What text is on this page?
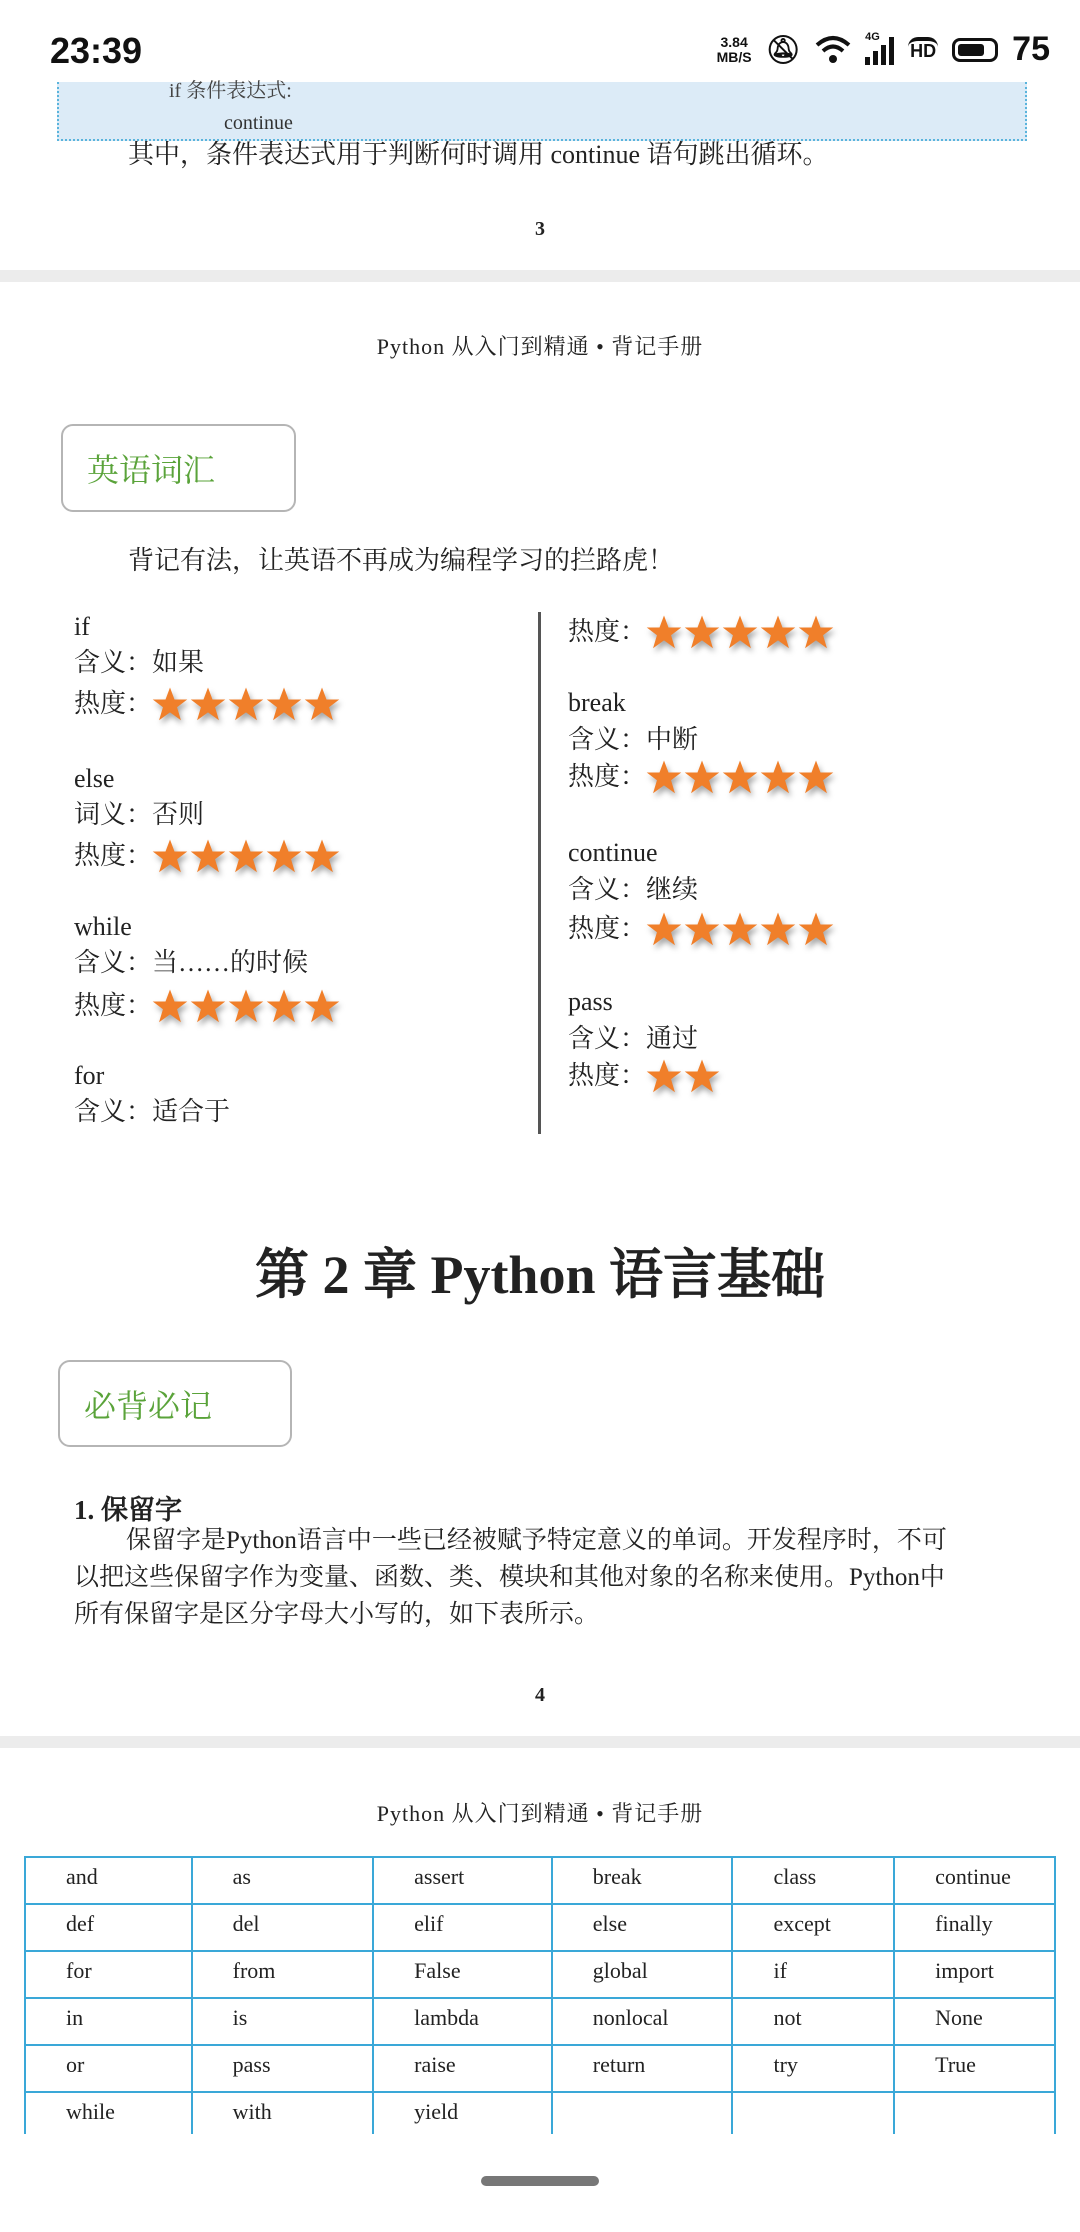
23:39	3.84
MB/S 🔕︎	4G
HD 75
if 条件表达式:
continue
其中，条件表达式用于判断何时调用 continue 语句跳出循环。
3
Python 从入门到精通 • 背记手册
英语词汇
背记有法，让英语不再成为编程学习的拦路虎！
第 2 章 Python 语言基础
必背必记
1. 保留字
保留字是Python语言中一些已经被赋予特定意义的单词。开发程序时，不可
以把这些保留字作为变量、函数、类、模块和其他对象的名称来使用。Python中
所有保留字是区分字母大小写的，如下表所示。
4
Python 从入门到精通 • 背记手册
and	as	assert	break	class	continue
def	del	elif	else	except	finally
for	from	False	global	if	import
in	is	lambda	nonlocal	not	None
or	pass	raise	return	try	True
while	with	yield			
if
含义：如果
热度：
else
词义：否则
热度：
while
含义：当……的时候
热度：
for
含义：适合于
热度：
break
含义：中断
热度：
continue
含义：继续
热度：
pass
含义：通过
热度：
